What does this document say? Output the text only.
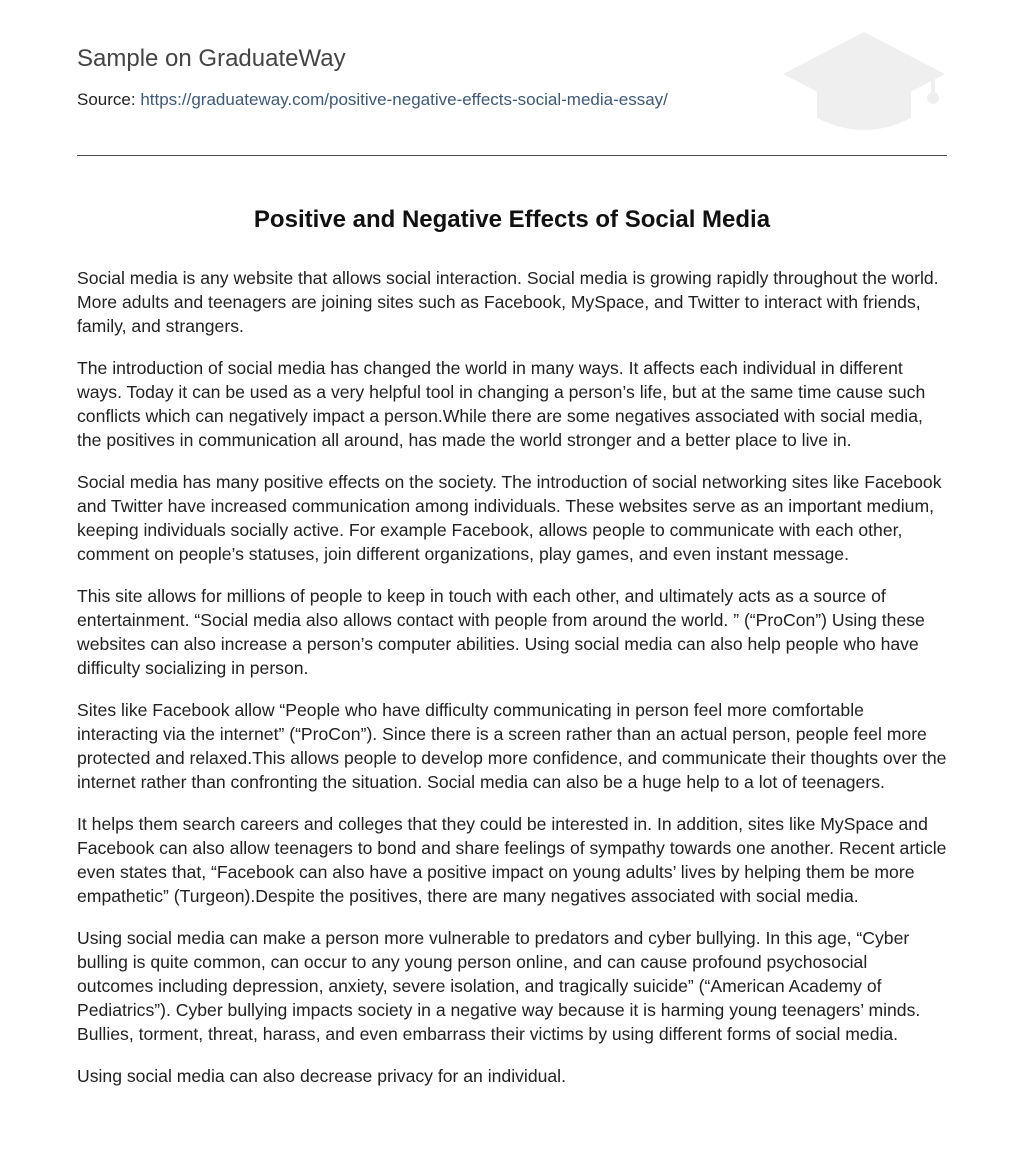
Sample on GraduateWay
Source: https://graduateway.com/positive-negative-effects-social-media-essay/
Positive and Negative Effects of Social Media

Social media is any website that allows social interaction. Social media is growing rapidly throughout the world. More adults and teenagers are joining sites such as Facebook, MySpace, and Twitter to interact with friends, family, and strangers.

The introduction of social media has changed the world in many ways. It affects each individual in different ways. Today it can be used as a very helpful tool in changing a person’s life, but at the same time cause such conflicts which can negatively impact a person.While there are some negatives associated with social media, the positives in communication all around, has made the world stronger and a better place to live in.

Social media has many positive effects on the society. The introduction of social networking sites like Facebook and Twitter have increased communication among individuals. These websites serve as an important medium, keeping individuals socially active. For example Facebook, allows people to communicate with each other, comment on people’s statuses, join different organizations, play games, and even instant message.

This site allows for millions of people to keep in touch with each other, and ultimately acts as a source of entertainment. “Social media also allows contact with people from around the world. ” (“ProCon”) Using these websites can also increase a person’s computer abilities. Using social media can also help people who have difficulty socializing in person.

Sites like Facebook allow “People who have difficulty communicating in person feel more comfortable interacting via the internet” (“ProCon”). Since there is a screen rather than an actual person, people feel more protected and relaxed.This allows people to develop more confidence, and communicate their thoughts over the internet rather than confronting the situation. Social media can also be a huge help to a lot of teenagers.

It helps them search careers and colleges that they could be interested in. In addition, sites like MySpace and Facebook can also allow teenagers to bond and share feelings of sympathy towards one another. Recent article even states that, “Facebook can also have a positive impact on young adults’ lives by helping them be more empathetic” (Turgeon).Despite the positives, there are many negatives associated with social media.

Using social media can make a person more vulnerable to predators and cyber bullying. In this age, “Cyber bulling is quite common, can occur to any young person online, and can cause profound psychosocial outcomes including depression, anxiety, severe isolation, and tragically suicide” (“American Academy of Pediatrics”). Cyber bullying impacts society in a negative way because it is harming young teenagers’ minds. Bullies, torment, threat, harass, and even embarrass their victims by using different forms of social media.

Using social media can also decrease privacy for an individual.
